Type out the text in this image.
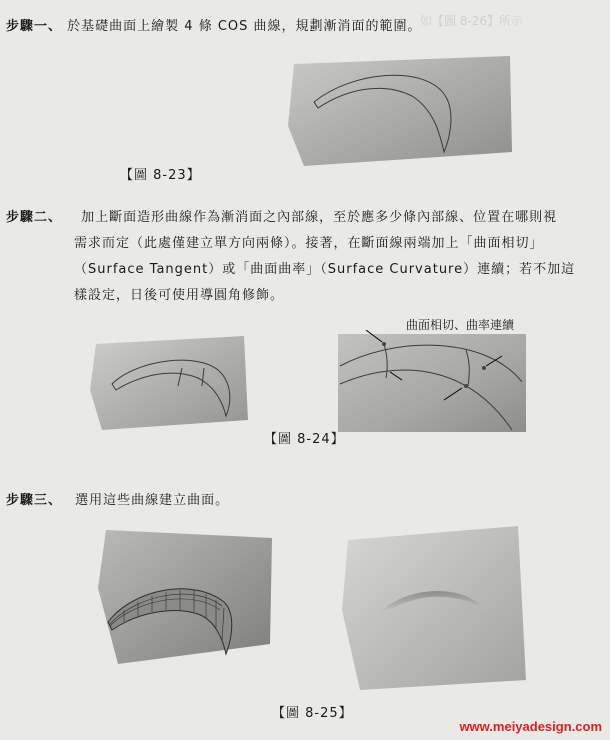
如【圖 8-26】所示
步驟一、 於基礎曲面上繪製 4 條 COS 曲線，規劃漸消面的範圍。
【圖 8-23】
步驟二、 加上斷面造形曲線作為漸消面之內部線，至於應多少條內部線、位置在哪則視
需求而定（此處僅建立單方向兩條）。接著，在斷面線兩端加上「曲面相切」
（Surface Tangent）或「曲面曲率」（Surface Curvature）連續；若不加這
樣設定，日後可使用導圓角修飾。
曲面相切、曲率連續
【圖 8-24】
步驟三、 選用這些曲線建立曲面。
【圖 8-25】
www.meiyadesign.com
